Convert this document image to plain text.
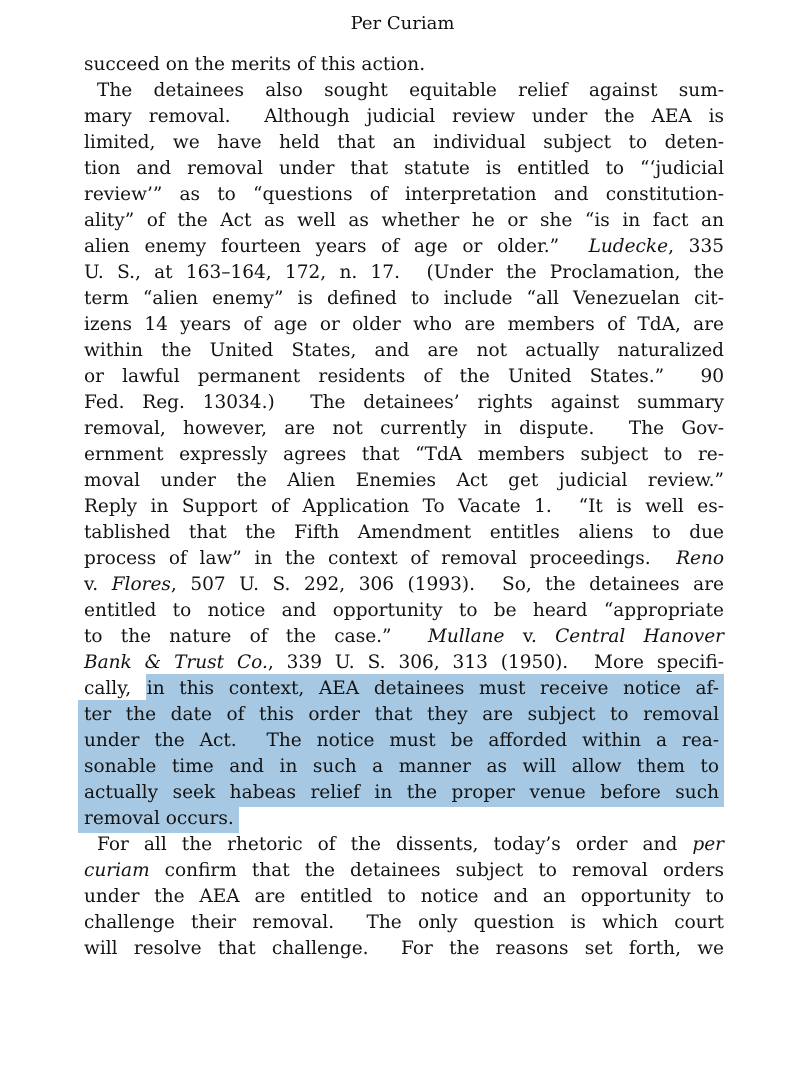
Per Curiam
succeed on the merits of this action.
The detainees also sought equitable relief against sum-
mary removal.  Although judicial review under the AEA is
limited, we have held that an individual subject to deten-
tion and removal under that statute is entitled to “‘judicial
review’” as to “questions of interpretation and constitution-
ality” of the Act as well as whether he or she “is in fact an
alien enemy fourteen years of age or older.”  Ludecke, 335
U. S., at 163–164, 172, n. 17.  (Under the Proclamation, the
term “alien enemy” is defined to include “all Venezuelan cit-
izens 14 years of age or older who are members of TdA, are
within the United States, and are not actually naturalized
or lawful permanent residents of the United States.”  90
Fed. Reg. 13034.)  The detainees’ rights against summary
removal, however, are not currently in dispute.  The Gov-
ernment expressly agrees that “TdA members subject to re-
moval under the Alien Enemies Act get judicial review.”
Reply in Support of Application To Vacate 1.  “It is well es-
tablished that the Fifth Amendment entitles aliens to due
process of law” in the context of removal proceedings.  Reno
v. Flores, 507 U. S. 292, 306 (1993).  So, the detainees are
entitled to notice and opportunity to be heard “appropriate
to the nature of the case.”  Mullane v. Central Hanover
Bank & Trust Co., 339 U. S. 306, 313 (1950).  More specifi-
cally, in this context, AEA detainees must receive notice af-
ter the date of this order that they are subject to removal
under the Act.  The notice must be afforded within a rea-
sonable time and in such a manner as will allow them to
actually seek habeas relief in the proper venue before such
removal occurs.
For all the rhetoric of the dissents, today’s order and per
curiam confirm that the detainees subject to removal orders
under the AEA are entitled to notice and an opportunity to
challenge their removal.  The only question is which court
will resolve that challenge.  For the reasons set forth, we
